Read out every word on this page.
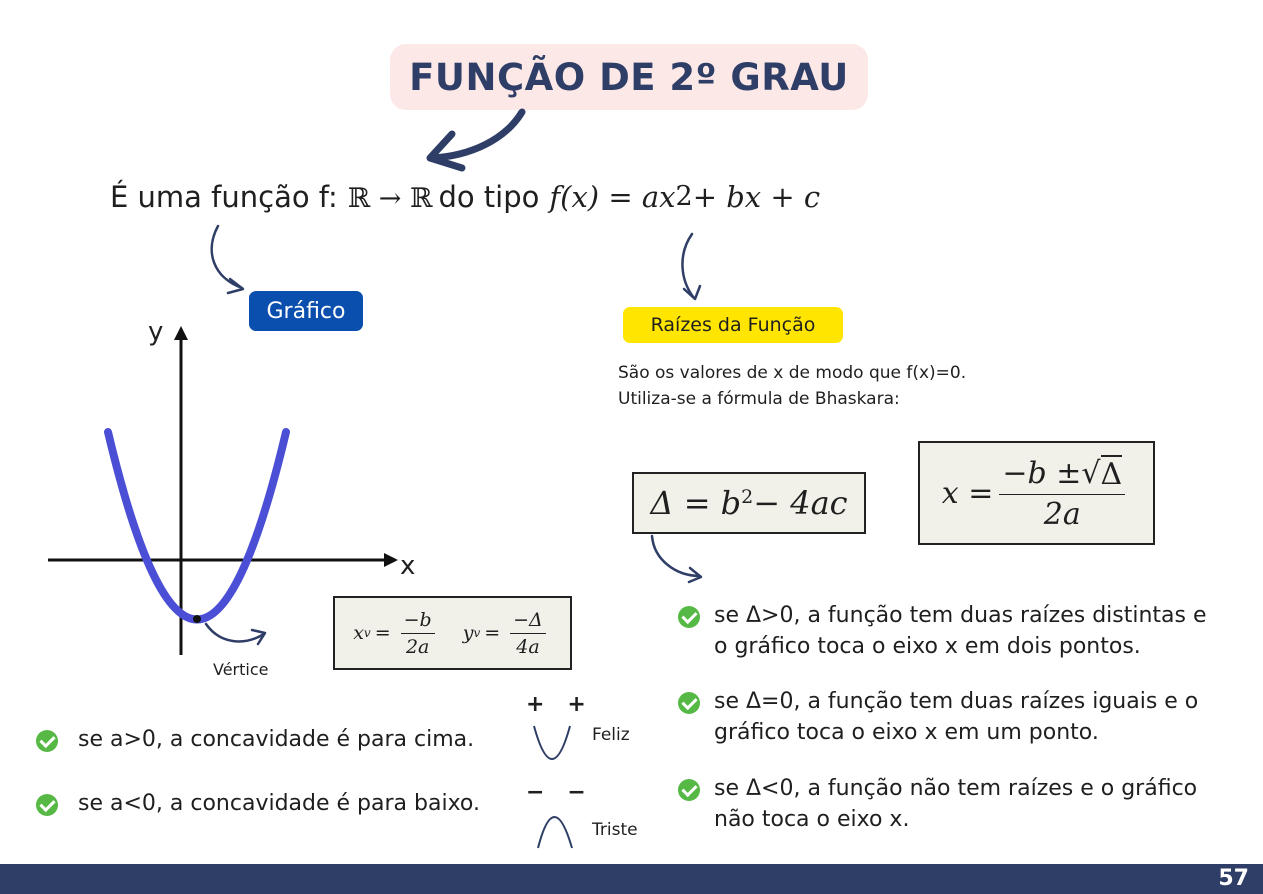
FUNÇÃO DE 2º GRAU
É uma função f: ℝ → ℝ do tipo $f(x) = ax^2$ + bx + c
Gráfico
y
x
Vértice
x $v = \frac{-b}{2a}$ y $v = \frac{-\Delta}{4a}$
Raízes da Função
São os valores de x de modo que f(x)=0.
Utiliza-se a fórmula de Bhaskara:
$\Delta = b^2 - 4ac$	$x = \frac{-b \pm √ \Delta}{2a}$
se Δ>0, a função tem duas raízes distintas e
o gráfico toca o eixo x em dois pontos.
se Δ=0, a função tem duas raízes iguais e o
gráfico toca o eixo x em um ponto.
se Δ<0, a função não tem raízes e o gráfico
não toca o eixo x.
se a>0, a concavidade é para cima.
se a<0, a concavidade é para baixo.
+   +
Feliz
−   −
Triste
57
